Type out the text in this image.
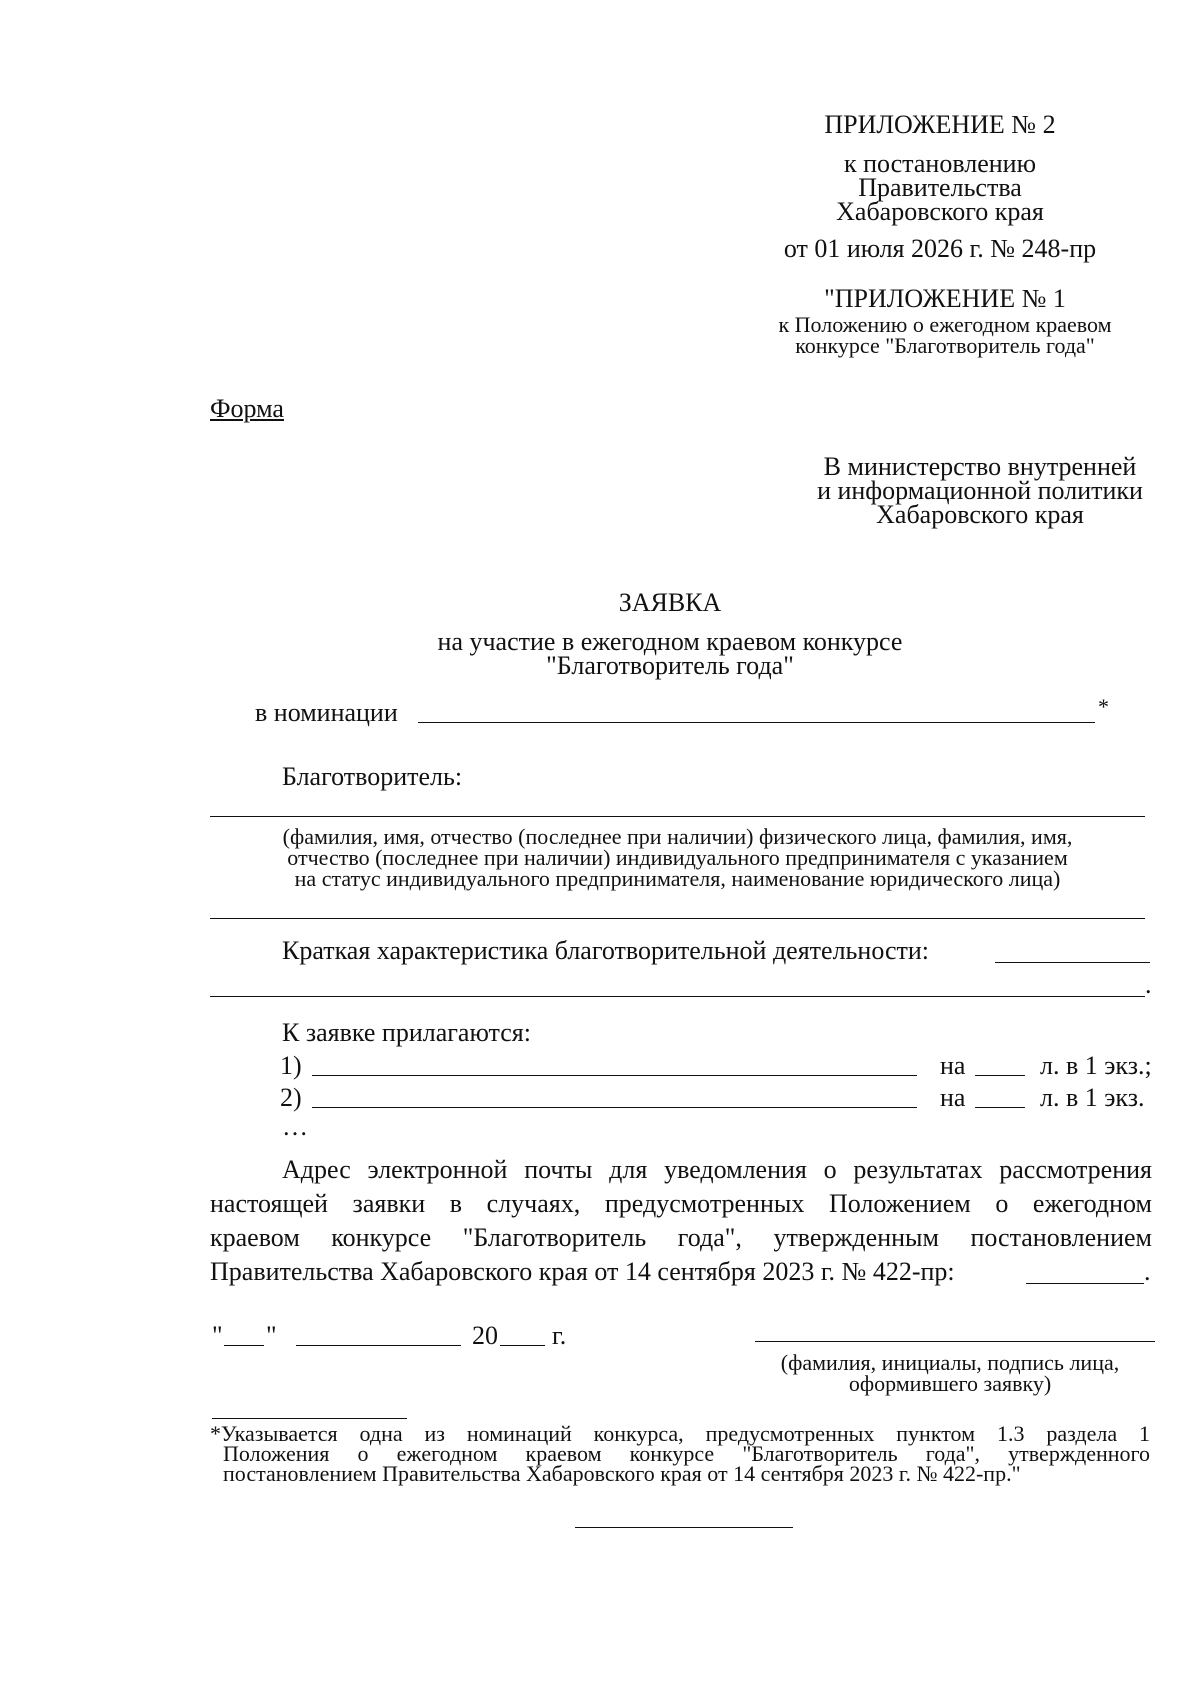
ПРИЛОЖЕНИЕ № 2
к постановлению
Правительства
Хабаровского края
от 01 июля 2026 г. № 248-пр
"ПРИЛОЖЕНИЕ № 1
к Положению о ежегодном краевом
конкурсе "Благотворитель года"
Форма
В министерство внутренней
и информационной политики
Хабаровского края
ЗАЯВКА
на участие в ежегодном краевом конкурсе
"Благотворитель года"
в номинации	*
Благотворитель:
(фамилия, имя, отчество (последнее при наличии) физического лица, фамилия, имя,
отчество (последнее при наличии) индивидуального предпринимателя с указанием
на статус индивидуального предпринимателя, наименование юридического лица)
Краткая характеристика благотворительной деятельности:
.
К заявке прилагаются:
1)	на	л. в 1 экз.;
2)	на	л. в 1 экз.
…
Адрес электронной почты для уведомления о результатах рассмотрения
настоящей заявки в случаях, предусмотренных Положением о ежегодном
краевом конкурсе "Благотворитель года", утвержденным постановлением
Правительства Хабаровского края от 14 сентября 2023 г. № 422-пр:	.
" "	20 г.
(фамилия, инициалы, подпись лица,
оформившего заявку)
*Указывается одна из номинаций конкурса, предусмотренных пунктом 1.3 раздела 1
Положения о ежегодном краевом конкурсе "Благотворитель года", утвержденного
постановлением Правительства Хабаровского края от 14 сентября 2023 г. № 422-пр."
